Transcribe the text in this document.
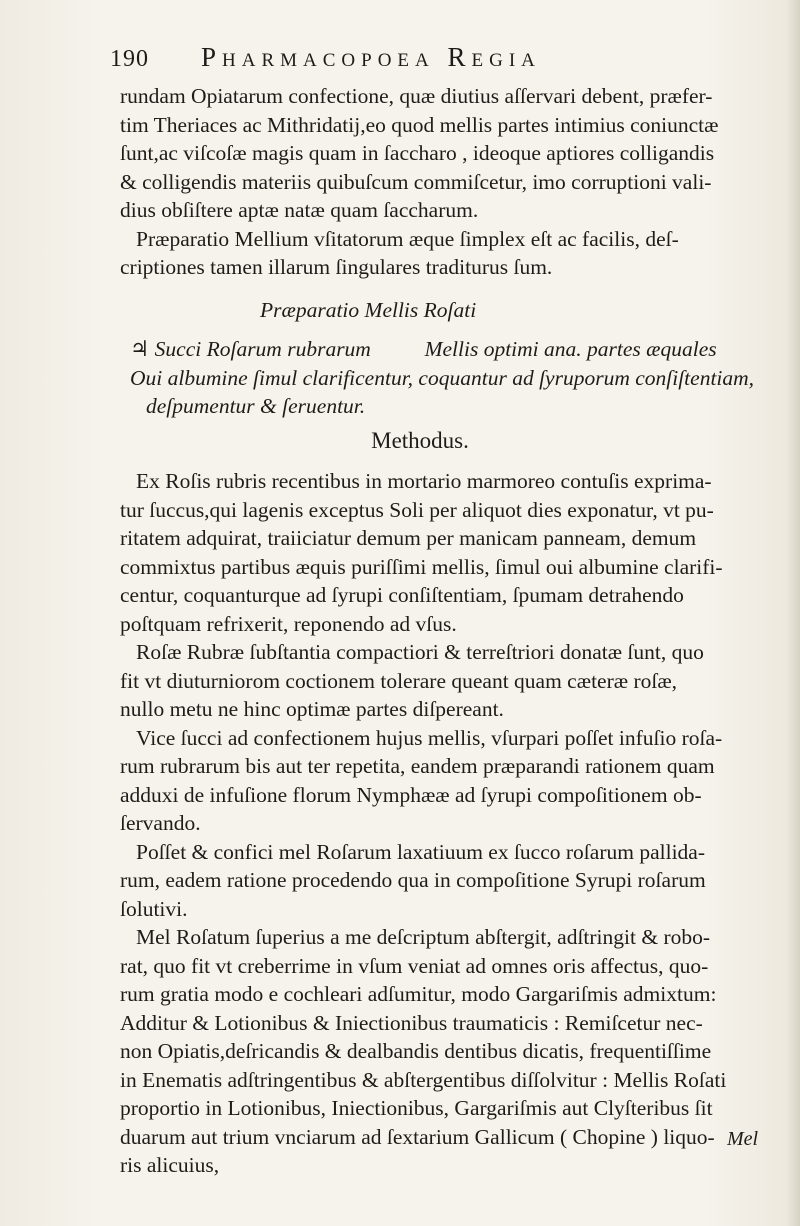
190 Pharmacopoea Regia
rundam Opiatarum confectione, quæ diutius aſſervari debent, præfer-
tim Theriaces ac Mithridatij,eo quod mellis partes intimius coniunctæ
ſunt,ac viſcoſæ magis quam in ſaccharo , ideoque aptiores colligandis
& colligendis materiis quibuſcum commiſcetur, imo corruptioni vali-
dius obſiſtere aptæ natæ quam ſaccharum.
Præparatio Mellium vſitatorum æque ſimplex eſt ac facilis, deſ-
criptiones tamen illarum ſingulares traditurus ſum.
Præparatio Mellis Roſati
♃ Succi Roſarum rubrarum          Mellis optimi ana. partes æquales
Oui albumine ſimul clarificentur, coquantur ad ſyruporum conſiſtentiam,
deſpumentur & ſeruentur.
Methodus.
Ex Roſis rubris recentibus in mortario marmoreo contuſis exprima-
tur ſuccus,qui lagenis exceptus Soli per aliquot dies exponatur, vt pu-
ritatem adquirat, traiiciatur demum per manicam panneam, demum
commixtus partibus æquis puriſſimi mellis, ſimul oui albumine clarifi-
centur, coquanturque ad ſyrupi conſiſtentiam, ſpumam detrahendo
poſtquam refrixerit, reponendo ad vſus.
Roſæ Rubræ ſubſtantia compactiori & terreſtriori donatæ ſunt, quo
fit vt diuturniorom coctionem tolerare queant quam cæteræ roſæ,
nullo metu ne hinc optimæ partes diſpereant.
Vice ſucci ad confectionem hujus mellis, vſurpari poſſet infuſio roſa-
rum rubrarum bis aut ter repetita, eandem præparandi rationem quam
adduxi de infuſione florum Nymphææ ad ſyrupi compoſitionem ob-
ſervando.
Poſſet & confici mel Roſarum laxatiuum ex ſucco roſarum pallida-
rum, eadem ratione procedendo qua in compoſitione Syrupi roſarum
ſolutivi.
Mel Roſatum ſuperius a me deſcriptum abſtergit, adſtringit & robo-
rat, quo fit vt creberrime in vſum veniat ad omnes oris affectus, quo-
rum gratia modo e cochleari adſumitur, modo Gargariſmis admixtum:
Additur & Lotionibus & Iniectionibus traumaticis : Remiſcetur nec-
non Opiatis,deſricandis & dealbandis dentibus dicatis, frequentiſſime
in Enematis adſtringentibus & abſtergentibus diſſolvitur : Mellis Roſati
proportio in Lotionibus, Iniectionibus, Gargariſmis aut Clyſteribus ſit
duarum aut trium vnciarum ad ſextarium Gallicum ( Chopine ) liquo-
ris alicuius,
Mel
